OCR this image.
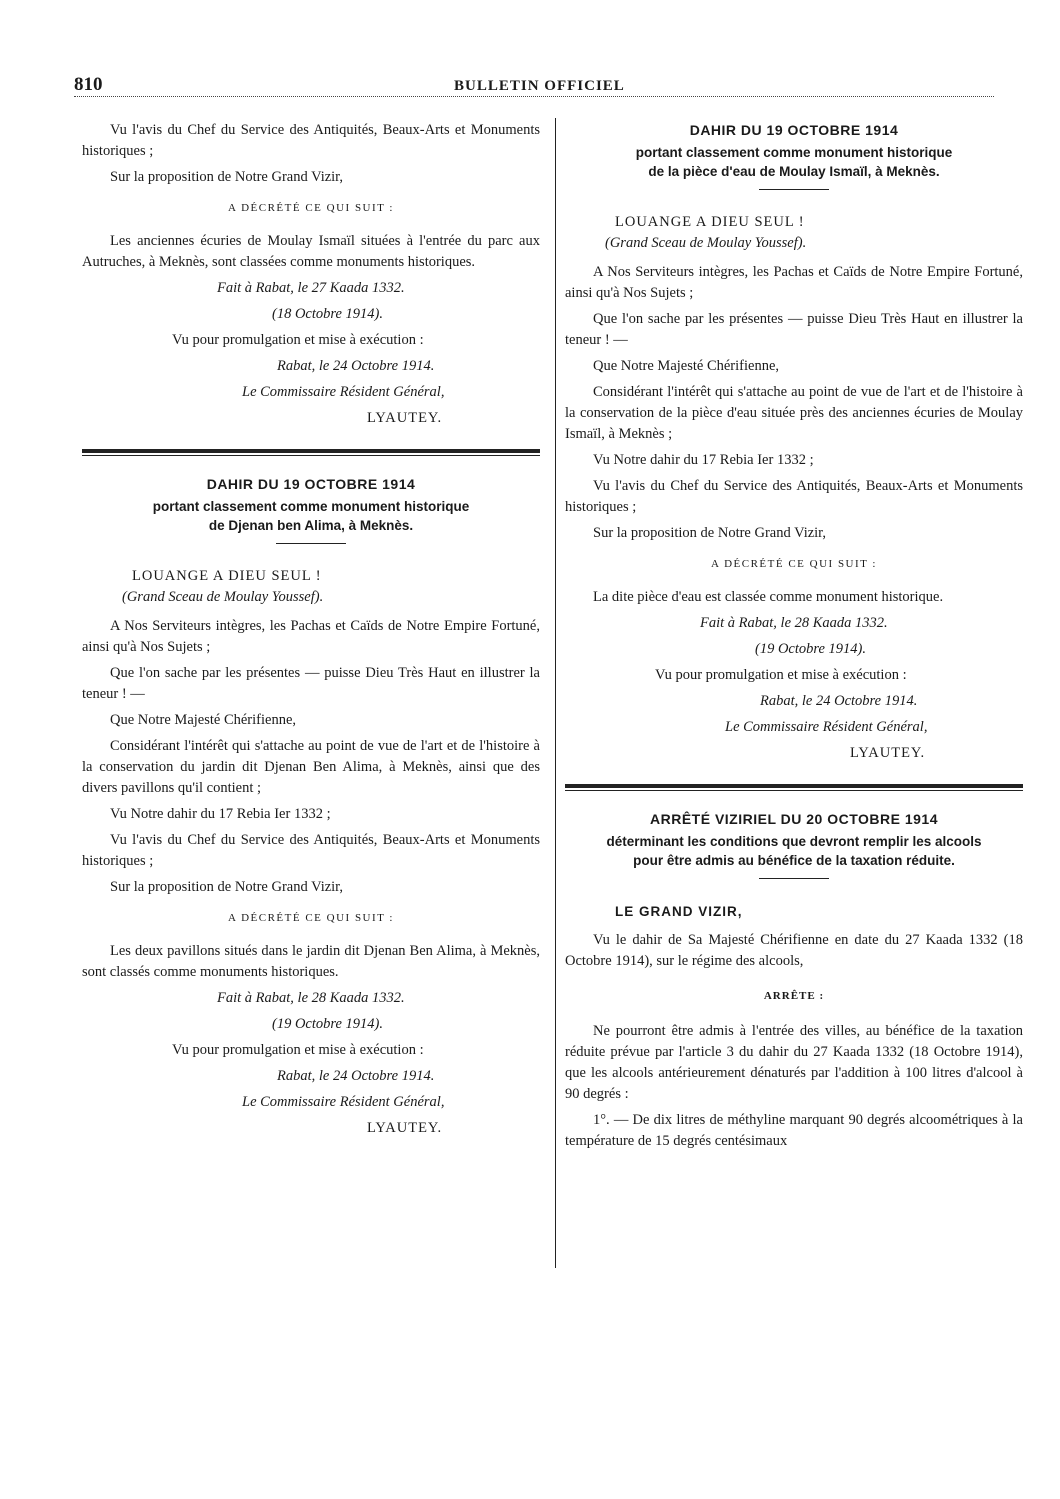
810	BULLETIN OFFICIEL

Vu l'avis du Chef du Service des Antiquités, Beaux-Arts et Monuments historiques ;

Sur la proposition de Notre Grand Vizir,

A DÉCRÉTÉ CE QUI SUIT :

Les anciennes écuries de Moulay Ismaïl situées à l'entrée du parc aux Autruches, à Meknès, sont classées comme monuments historiques.

Fait à Rabat, le 27 Kaada 1332.

(18 Octobre 1914).

Vu pour promulgation et mise à exécution :

Rabat, le 24 Octobre 1914.

Le Commissaire Résident Général,

LYAUTEY.

DAHIR DU 19 OCTOBRE 1914

portant classement comme monument historique

de Djenan ben Alima, à Meknès.

LOUANGE A DIEU SEUL !

(Grand Sceau de Moulay Youssef).

A Nos Serviteurs intègres, les Pachas et Caïds de Notre Empire Fortuné, ainsi qu'à Nos Sujets ;

Que l'on sache par les présentes — puisse Dieu Très Haut en illustrer la teneur ! —

Que Notre Majesté Chérifienne,

Considérant l'intérêt qui s'attache au point de vue de l'art et de l'histoire à la conservation du jardin dit Djenan Ben Alima, à Meknès, ainsi que des divers pavillons qu'il contient ;

Vu Notre dahir du 17 Rebia Ier 1332 ;

Vu l'avis du Chef du Service des Antiquités, Beaux-Arts et Monuments historiques ;

Sur la proposition de Notre Grand Vizir,

A DÉCRÉTÉ CE QUI SUIT :

Les deux pavillons situés dans le jardin dit Djenan Ben Alima, à Meknès, sont classés comme monuments historiques.

Fait à Rabat, le 28 Kaada 1332.

(19 Octobre 1914).

Vu pour promulgation et mise à exécution :

Rabat, le 24 Octobre 1914.

Le Commissaire Résident Général,

LYAUTEY.

DAHIR DU 19 OCTOBRE 1914

portant classement comme monument historique

de la pièce d'eau de Moulay Ismaïl, à Meknès.

LOUANGE A DIEU SEUL !

(Grand Sceau de Moulay Youssef).

A Nos Serviteurs intègres, les Pachas et Caïds de Notre Empire Fortuné, ainsi qu'à Nos Sujets ;

Que l'on sache par les présentes — puisse Dieu Très Haut en illustrer la teneur ! —

Que Notre Majesté Chérifienne,

Considérant l'intérêt qui s'attache au point de vue de l'art et de l'histoire à la conservation de la pièce d'eau située près des anciennes écuries de Moulay Ismaïl, à Meknès ;

Vu Notre dahir du 17 Rebia Ier 1332 ;

Vu l'avis du Chef du Service des Antiquités, Beaux-Arts et Monuments historiques ;

Sur la proposition de Notre Grand Vizir,

A DÉCRÉTÉ CE QUI SUIT :

La dite pièce d'eau est classée comme monument historique.

Fait à Rabat, le 28 Kaada 1332.

(19 Octobre 1914).

Vu pour promulgation et mise à exécution :

Rabat, le 24 Octobre 1914.

Le Commissaire Résident Général,

LYAUTEY.

ARRÊTÉ VIZIRIEL DU 20 OCTOBRE 1914

déterminant les conditions que devront remplir les alcools

pour être admis au bénéfice de la taxation réduite.

LE GRAND VIZIR,

Vu le dahir de Sa Majesté Chérifienne en date du 27 Kaada 1332 (18 Octobre 1914), sur le régime des alcools,

ARRÊTE :

Ne pourront être admis à l'entrée des villes, au bénéfice de la taxation réduite prévue par l'article 3 du dahir du 27 Kaada 1332 (18 Octobre 1914), que les alcools antérieurement dénaturés par l'addition à 100 litres d'alcool à 90 degrés :

1°. — De dix litres de méthyline marquant 90 degrés alcoométriques à la température de 15 degrés centésimaux
